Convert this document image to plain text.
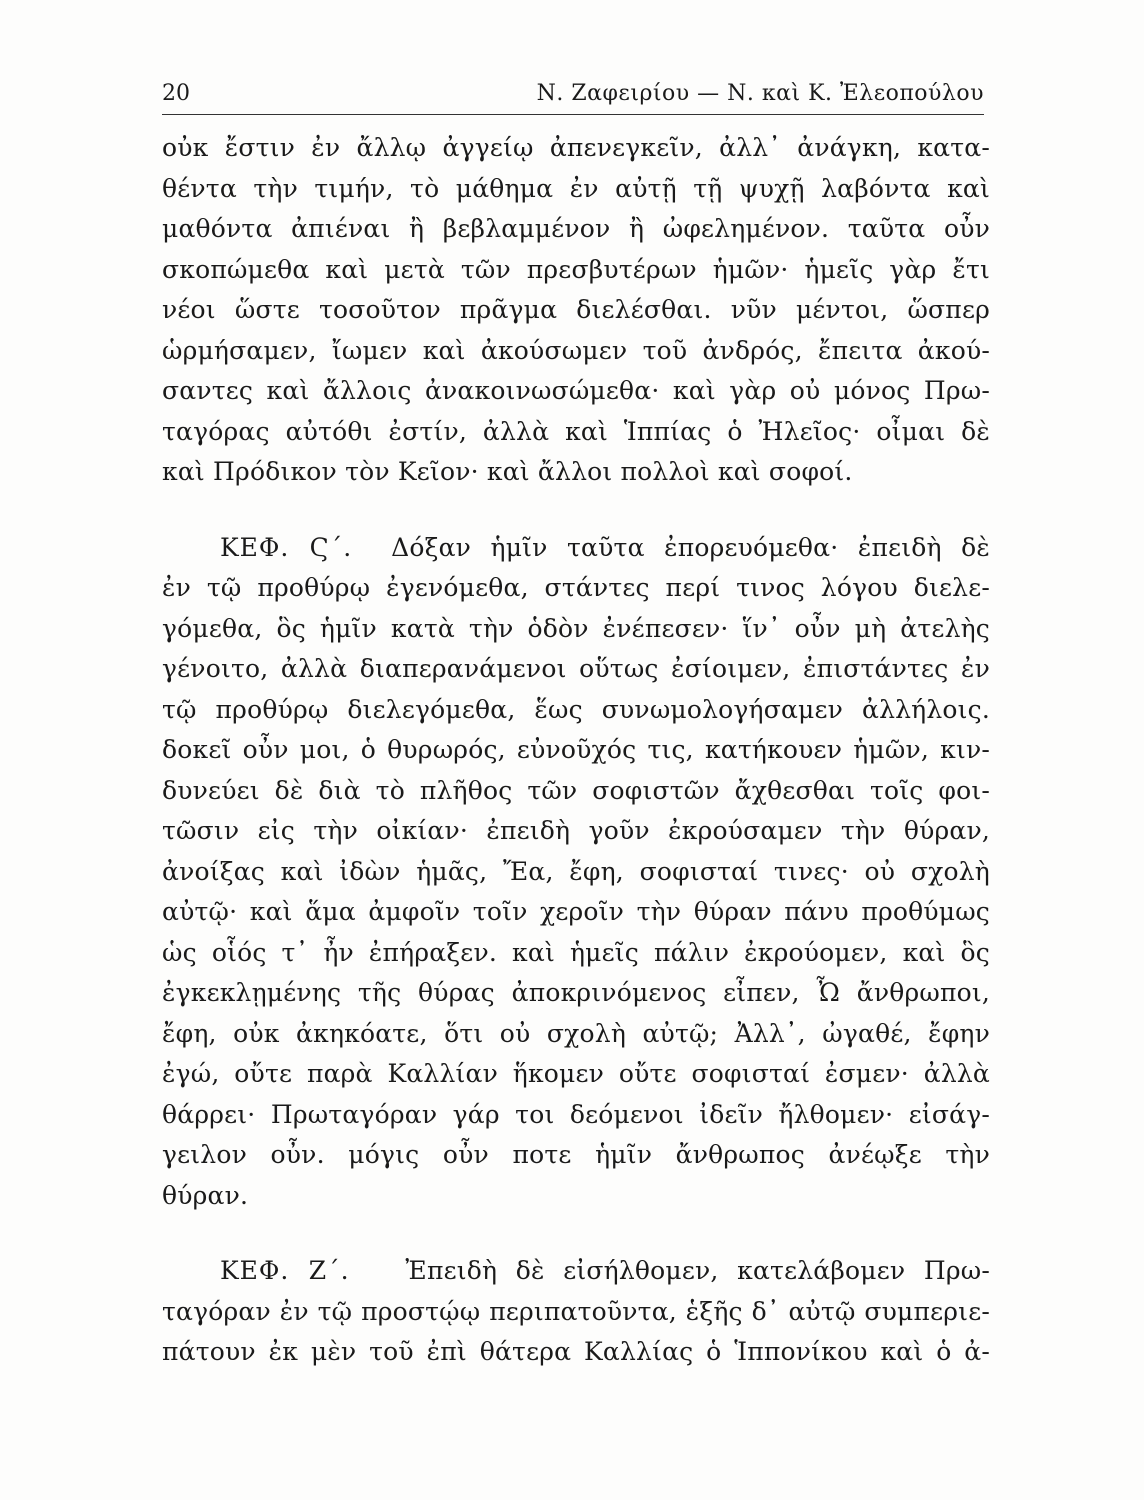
20	Ν. Ζαφειρίου — Ν. καὶ Κ. Ἐλεοπούλου
οὐκ ἔστιν ἐν ἄλλῳ ἀγγείῳ ἀπενεγκεῖν, ἀλλ᾽ ἀνάγκη, κατα-
θέντα τὴν τιμήν, τὸ μάθημα ἐν αὐτῇ τῇ ψυχῇ λαβόντα καὶ
μαθόντα ἀπιέναι ἢ βεβλαμμένον ἢ ὠφελημένον. ταῦτα οὖν
σκοπώμεθα καὶ μετὰ τῶν πρεσβυτέρων ἡμῶν· ἡμεῖς γὰρ ἔτι
νέοι ὥστε τοσοῦτον πρᾶγμα διελέσθαι. νῦν μέντοι, ὥσπερ
ὡρμήσαμεν, ἴωμεν καὶ ἀκούσωμεν τοῦ ἀνδρός, ἔπειτα ἀκού-
σαντες καὶ ἄλλοις ἀνακοινωσώμεθα· καὶ γὰρ οὐ μόνος Πρω-
ταγόρας αὐτόθι ἐστίν, ἀλλὰ καὶ Ἱππίας ὁ Ἠλεῖος· οἶμαι δὲ
καὶ Πρόδικον τὸν Κεῖον· καὶ ἄλλοι πολλοὶ καὶ σοφοί.
ΚΕΦ. Ϛ΄. Δόξαν ἡμῖν ταῦτα ἐπορευόμεθα· ἐπειδὴ δὲ
ἐν τῷ προθύρῳ ἐγενόμεθα, στάντες περί τινος λόγου διελε-
γόμεθα, ὃς ἡμῖν κατὰ τὴν ὁδὸν ἐνέπεσεν· ἵν᾽ οὖν μὴ ἀτελὴς
γένοιτο, ἀλλὰ διαπερανάμενοι οὕτως ἐσίοιμεν, ἐπιστάντες ἐν
τῷ προθύρῳ διελεγόμεθα, ἕως συνωμολογήσαμεν ἀλλήλοις.
δοκεῖ οὖν μοι, ὁ θυρωρός, εὐνοῦχός τις, κατήκουεν ἡμῶν, κιν-
δυνεύει δὲ διὰ τὸ πλῆθος τῶν σοφιστῶν ἄχθεσθαι τοῖς φοι-
τῶσιν εἰς τὴν οἰκίαν· ἐπειδὴ γοῦν ἐκρούσαμεν τὴν θύραν,
ἀνοίξας καὶ ἰδὼν ἡμᾶς, Ἔα, ἔφη, σοφισταί τινες· οὐ σχολὴ
αὐτῷ· καὶ ἅμα ἀμφοῖν τοῖν χεροῖν τὴν θύραν πάνυ προθύμως
ὡς οἷός τ᾽ ἦν ἐπήραξεν. καὶ ἡμεῖς πάλιν ἐκρούομεν, καὶ ὃς
ἐγκεκλῃμένης τῆς θύρας ἀποκρινόμενος εἶπεν, Ὦ ἄνθρωποι,
ἔφη, οὐκ ἀκηκόατε, ὅτι οὐ σχολὴ αὐτῷ; Ἀλλ᾽, ὠγαθέ, ἔφην
ἐγώ, οὔτε παρὰ Καλλίαν ἥκομεν οὔτε σοφισταί ἐσμεν· ἀλλὰ
θάρρει· Πρωταγόραν γάρ τοι δεόμενοι ἰδεῖν ἤλθομεν· εἰσάγ-
γειλον οὖν. μόγις οὖν ποτε ἡμῖν ἄνθρωπος ἀνέῳξε τὴν
θύραν.
ΚΕΦ. Ζ΄. Ἐπειδὴ δὲ εἰσήλθομεν, κατελάβομεν Πρω-
ταγόραν ἐν τῷ προστῴῳ περιπατοῦντα, ἑξῆς δ᾽ αὐτῷ συμπεριε-
πάτουν ἐκ μὲν τοῦ ἐπὶ θάτερα Καλλίας ὁ Ἱππονίκου καὶ ὁ ἀ-
